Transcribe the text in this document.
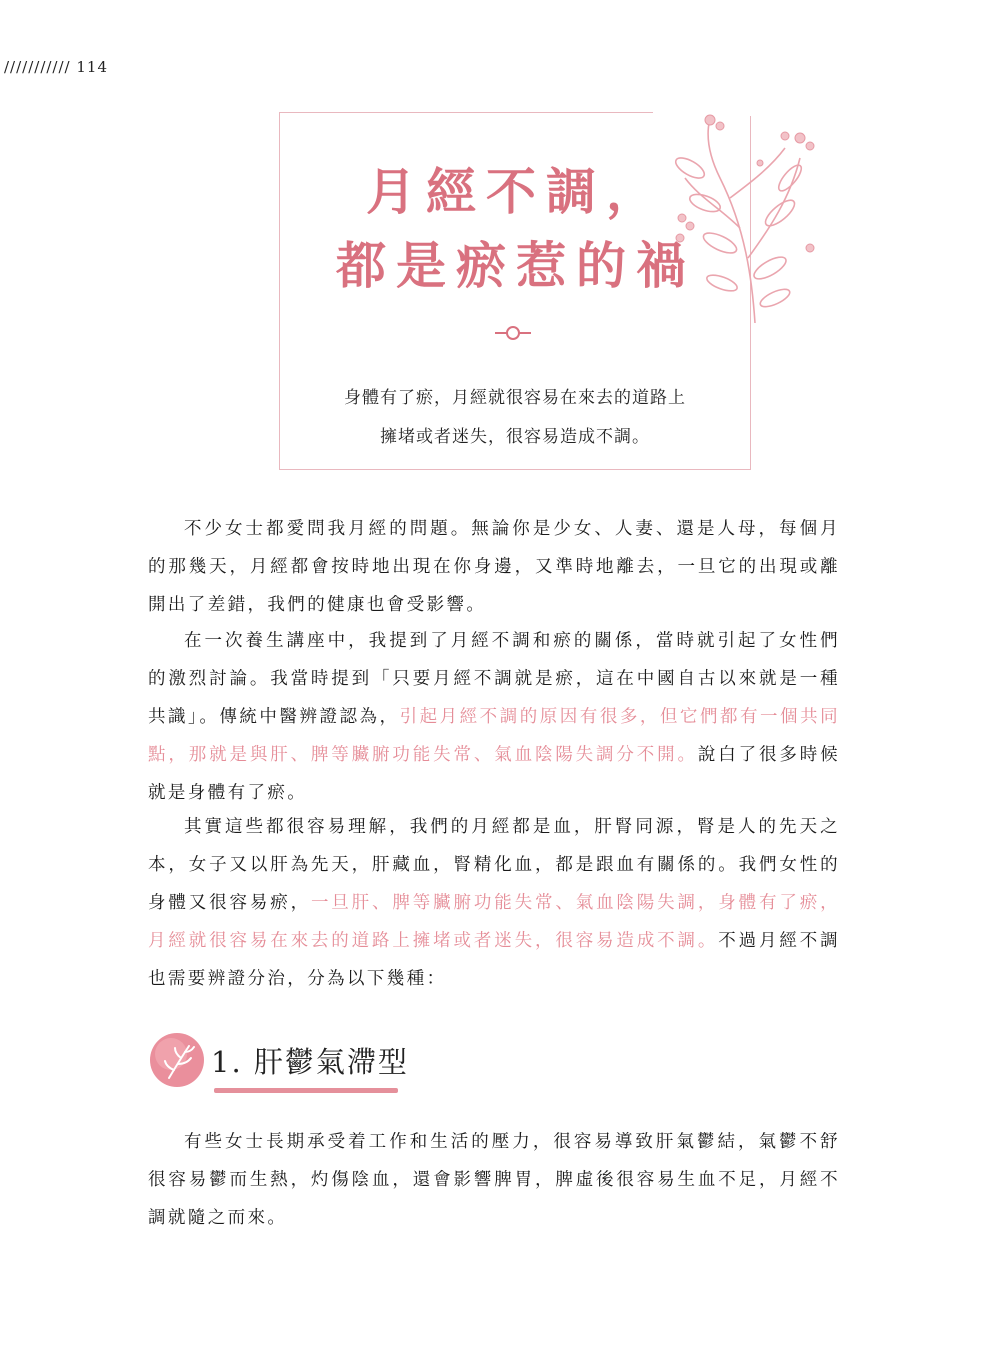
/////////// 114
月經不調，
都是瘀惹的禍
身體有了瘀，月經就很容易在來去的道路上
擁堵或者迷失，很容易造成不調。

不少女士都愛問我月經的問題。無論你是少女、人妻、還是人母，每個月的那幾天，月經都會按時地出現在你身邊，又準時地離去，一旦它的出現或離開出了差錯，我們的健康也會受影響。

在一次養生講座中，我提到了月經不調和瘀的關係，當時就引起了女性們的激烈討論。我當時提到「只要月經不調就是瘀，這在中國自古以來就是一種共識」。傳統中醫辨證認為，引起月經不調的原因有很多，但它們都有一個共同點，那就是與肝、脾等臟腑功能失常、氣血陰陽失調分不開。說白了很多時候就是身體有了瘀。

其實這些都很容易理解，我們的月經都是血，肝腎同源，腎是人的先天之本，女子又以肝為先天，肝藏血，腎精化血，都是跟血有關係的。我們女性的身體又很容易瘀，一旦肝、脾等臟腑功能失常、氣血陰陽失調，身體有了瘀，月經就很容易在來去的道路上擁堵或者迷失，很容易造成不調。不過月經不調也需要辨證分治，分為以下幾種：

1. 肝鬱氣滯型

有些女士長期承受着工作和生活的壓力，很容易導致肝氣鬱結，氣鬱不舒很容易鬱而生熱，灼傷陰血，還會影響脾胃，脾虛後很容易生血不足，月經不調就隨之而來。
